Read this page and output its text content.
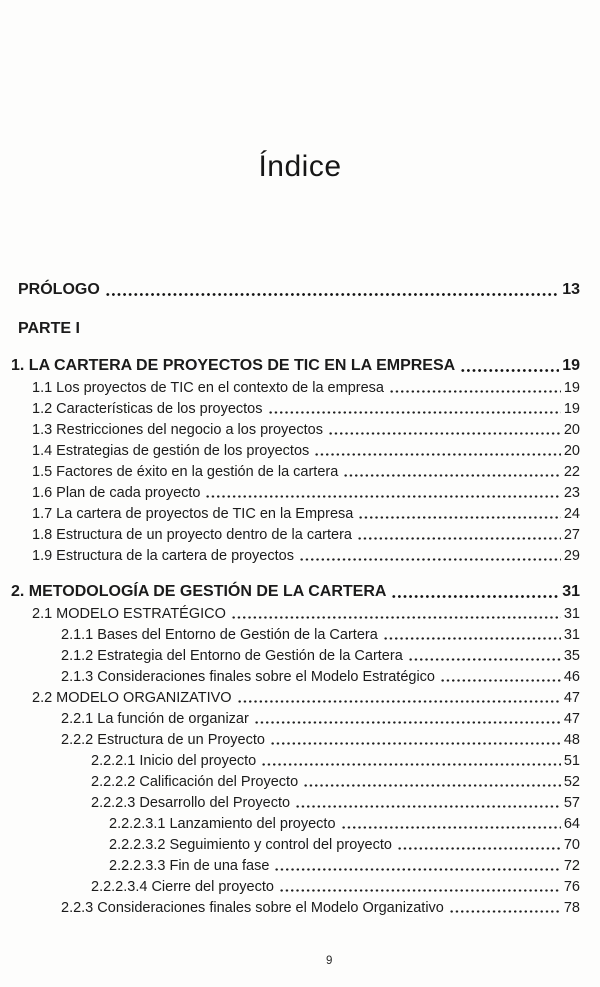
Índice
PRÓLOGO	13
PARTE I
1. LA CARTERA DE PROYECTOS DE TIC EN LA EMPRESA	19
1.1 Los proyectos de TIC en el contexto de la empresa	19
1.2 Características de los proyectos	19
1.3 Restricciones del negocio a los proyectos	20
1.4 Estrategias de gestión de los proyectos	20
1.5 Factores de éxito en la gestión de la cartera	22
1.6 Plan de cada proyecto	23
1.7 La cartera de proyectos de TIC en la Empresa	24
1.8 Estructura de un proyecto dentro de la cartera	27
1.9 Estructura de la cartera de proyectos	29
2. METODOLOGÍA DE GESTIÓN DE LA CARTERA	31
2.1 MODELO ESTRATÉGICO	31
2.1.1 Bases del Entorno de Gestión de la Cartera	31
2.1.2 Estrategia del Entorno de Gestión de la Cartera	35
2.1.3 Consideraciones finales sobre el Modelo Estratégico	46
2.2 MODELO ORGANIZATIVO	47
2.2.1 La función de organizar	47
2.2.2 Estructura de un Proyecto	48
2.2.2.1 Inicio del proyecto	51
2.2.2.2 Calificación del Proyecto	52
2.2.2.3 Desarrollo del Proyecto	57
2.2.2.3.1 Lanzamiento del proyecto	64
2.2.2.3.2 Seguimiento y control del proyecto	70
2.2.2.3.3 Fin de una fase	72
2.2.2.3.4 Cierre del proyecto	76
2.2.3 Consideraciones finales sobre el Modelo Organizativo	78
9
